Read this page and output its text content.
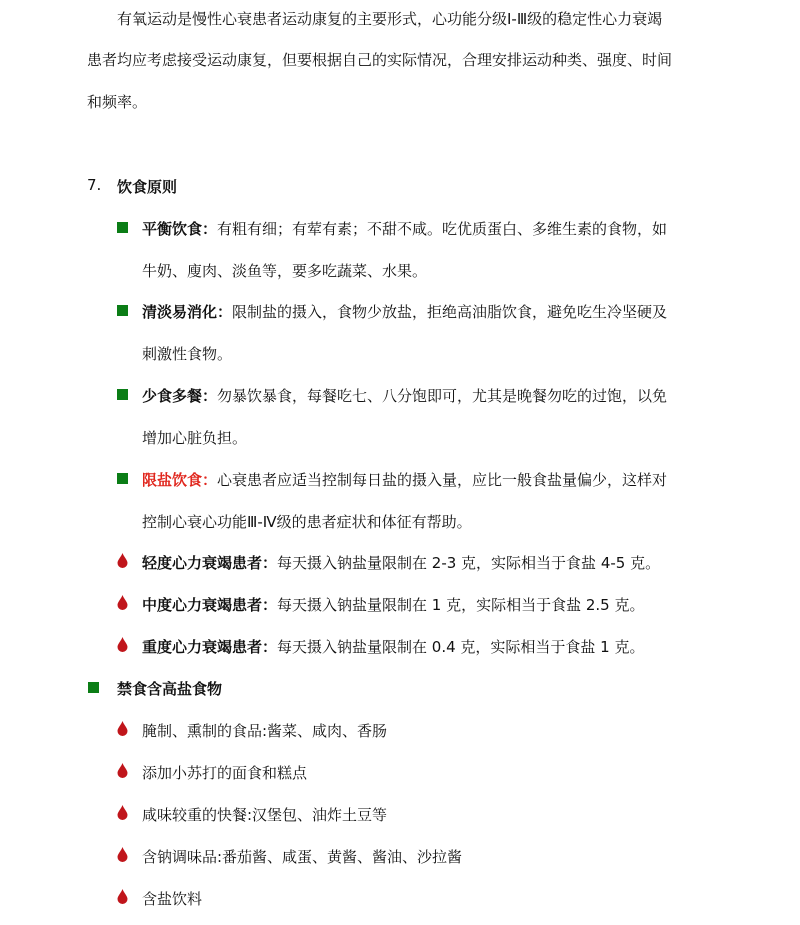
有氧运动是慢性心衰患者运动康复的主要形式，心功能分级Ⅰ-Ⅲ级的稳定性心力衰竭
患者均应考虑接受运动康复，但要根据自己的实际情况，合理安排运动种类、强度、时间
和频率。
7. 饮食原则
平衡饮食：有粗有细；有荤有素；不甜不咸。吃优质蛋白、多维生素的食物，如
牛奶、廋肉、淡鱼等，要多吃蔬菜、水果。
清淡易消化：限制盐的摄入，食物少放盐，拒绝高油脂饮食，避免吃生冷坚硬及
刺激性食物。
少食多餐：勿暴饮暴食，每餐吃七、八分饱即可，尤其是晚餐勿吃的过饱，以免
增加心脏负担。
限盐饮食：心衰患者应适当控制每日盐的摄入量，应比一般食盐量偏少，这样对
控制心衰心功能Ⅲ-Ⅳ级的患者症状和体征有帮助。
轻度心力衰竭患者：每天摄入钠盐量限制在 2-3 克，实际相当于食盐 4-5 克。
中度心力衰竭患者：每天摄入钠盐量限制在 1 克，实际相当于食盐 2.5 克。
重度心力衰竭患者：每天摄入钠盐量限制在 0.4 克，实际相当于食盐 1 克。
禁食含高盐食物
腌制、熏制的食品:酱菜、咸肉、香肠
添加小苏打的面食和糕点
咸味较重的快餐:汉堡包、油炸土豆等
含钠调味品:番茄酱、咸蛋、黄酱、酱油、沙拉酱
含盐饮料
